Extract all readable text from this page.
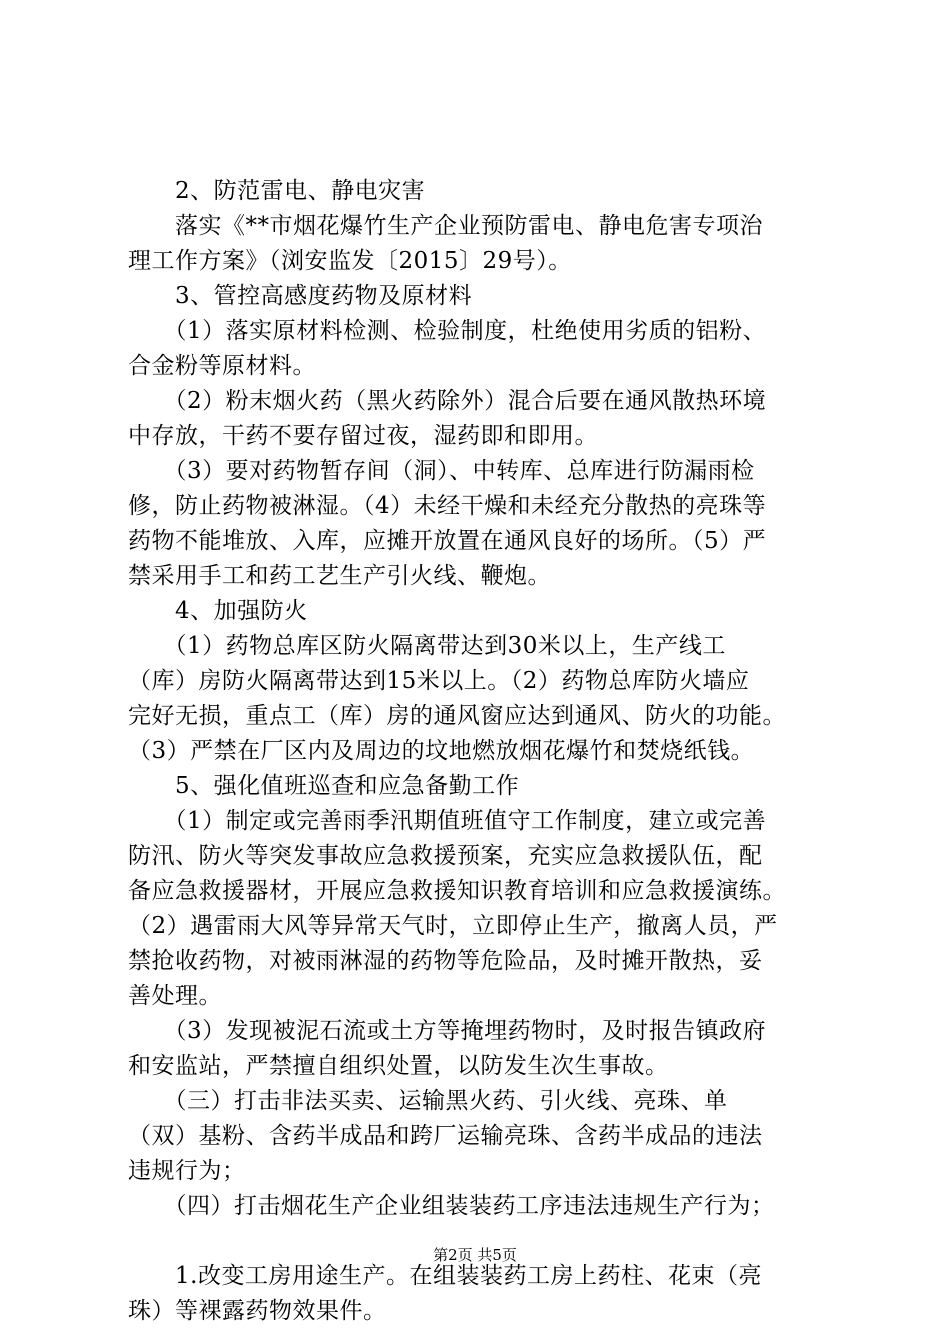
　　2、防范雷电、静电灾害
　　落实《**市烟花爆竹生产企业预防雷电、静电危害专项治
理工作方案》（浏安监发〔2015〕29号）。
　　3、管控高感度药物及原材料
　　（1）落实原材料检测、检验制度，杜绝使用劣质的铝粉、
合金粉等原材料。
　　（2）粉末烟火药（黑火药除外）混合后要在通风散热环境
中存放，干药不要存留过夜，湿药即和即用。
　　（3）要对药物暂存间（洞）、中转库、总库进行防漏雨检
修，防止药物被淋湿。（4）未经干燥和未经充分散热的亮珠等
药物不能堆放、入库，应摊开放置在通风良好的场所。（5）严
禁采用手工和药工艺生产引火线、鞭炮。
　　4、加强防火
　　（1）药物总库区防火隔离带达到30米以上，生产线工
（库）房防火隔离带达到15米以上。（2）药物总库防火墙应
完好无损，重点工（库）房的通风窗应达到通风、防火的功能。
（3）严禁在厂区内及周边的坟地燃放烟花爆竹和焚烧纸钱。
　　5、强化值班巡查和应急备勤工作
　　（1）制定或完善雨季汛期值班值守工作制度，建立或完善
防汛、防火等突发事故应急救援预案，充实应急救援队伍，配
备应急救援器材，开展应急救援知识教育培训和应急救援演练。
（2）遇雷雨大风等异常天气时，立即停止生产，撤离人员，严
禁抢收药物，对被雨淋湿的药物等危险品，及时摊开散热，妥
善处理。
　　（3）发现被泥石流或土方等掩埋药物时，及时报告镇政府
和安监站，严禁擅自组织处置，以防发生次生事故。
　　（三）打击非法买卖、运输黑火药、引火线、亮珠、单
（双）基粉、含药半成品和跨厂运输亮珠、含药半成品的违法
违规行为；
　　（四）打击烟花生产企业组装装药工序违法违规生产行为；
　　1.改变工房用途生产。在组装装药工房上药柱、花束（亮
珠）等裸露药物效果件。
第2页 共5页
